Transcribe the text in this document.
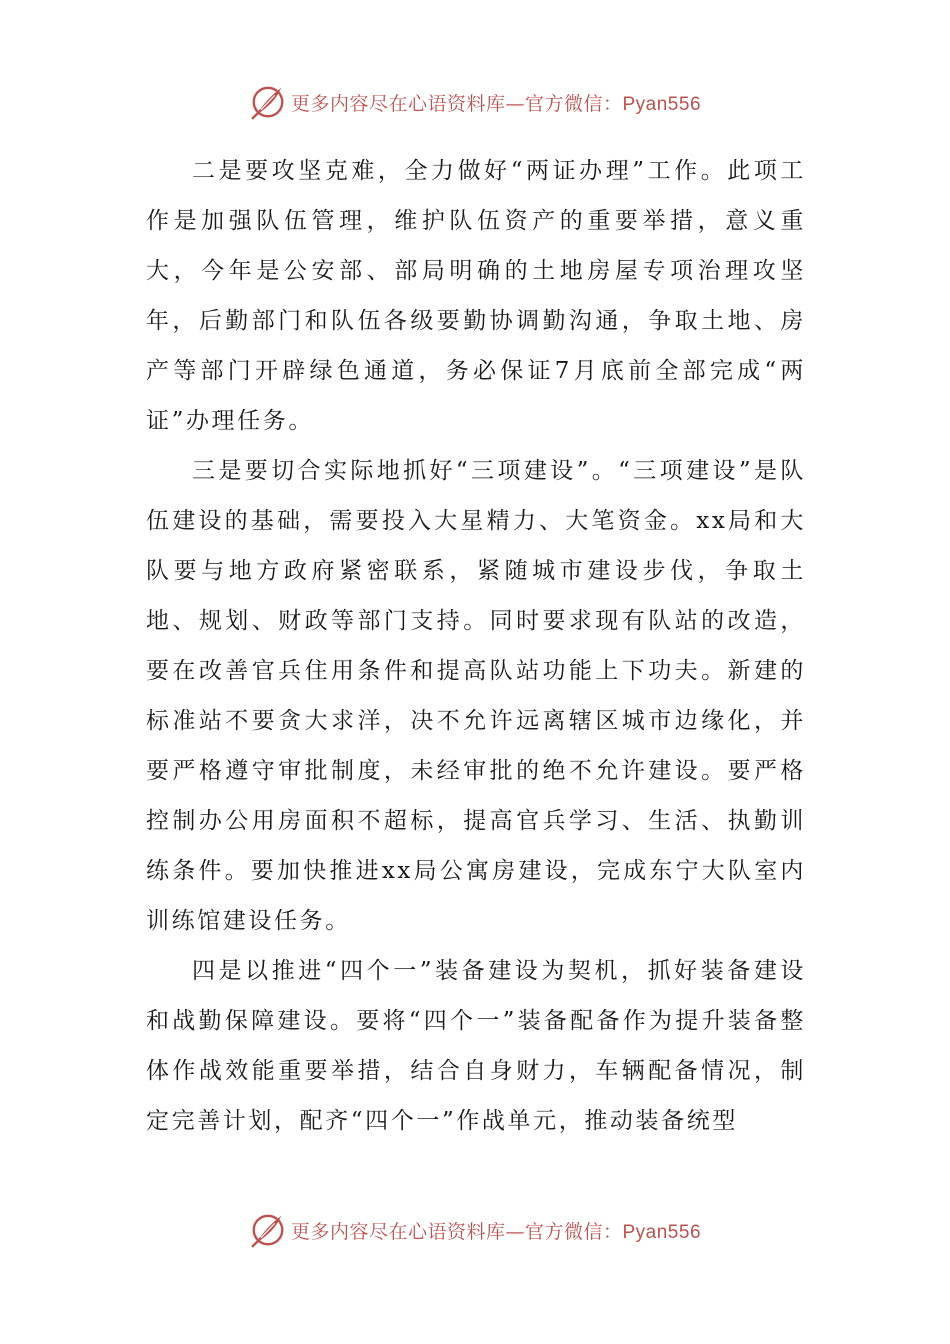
更多内容尽在心语资料库—官方微信：Pyan556

二是要攻坚克难，全力做好“两证办理”工作。此项工作是加强队伍管理，维护队伍资产的重要举措，意义重大，今年是公安部、部局明确的土地房屋专项治理攻坚年，后勤部门和队伍各级要勤协调勤沟通，争取土地、房产等部门开辟绿色通道，务必保证7月底前全部完成“两证”办理任务。

三是要切合实际地抓好“三项建设”。“三项建设”是队伍建设的基础，需要投入大星精力、大笔资金。xx局和大队要与地方政府紧密联系，紧随城市建设步伐，争取土地、规划、财政等部门支持。同时要求现有队站的改造，要在改善官兵住用条件和提高队站功能上下功夫。新建的标准站不要贪大求洋，决不允许远离辖区城市边缘化，并要严格遵守审批制度，未经审批的绝不允许建设。要严格控制办公用房面积不超标，提高官兵学习、生活、执勤训练条件。要加快推进xx局公寓房建设，完成东宁大队室内训练馆建设任务。

四是以推进“四个一”装备建设为契机，抓好装备建设和战勤保障建设。要将“四个一”装备配备作为提升装备整体作战效能重要举措，结合自身财力，车辆配备情况，制定完善计划，配齐“四个一”作战单元，推动装备统型

更多内容尽在心语资料库—官方微信：Pyan556
